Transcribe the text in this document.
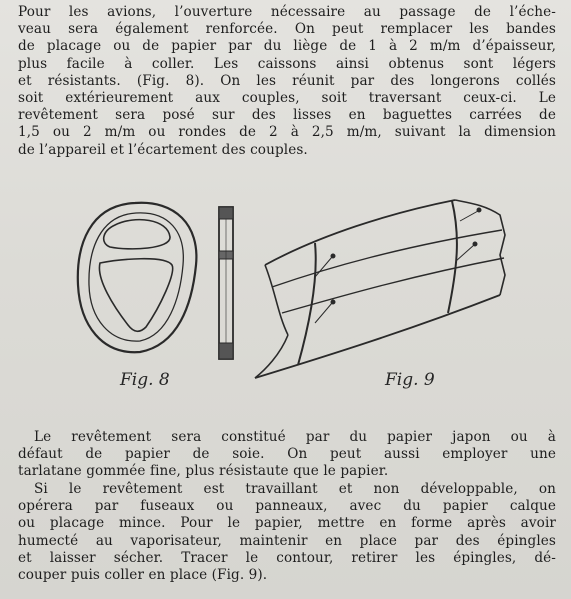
Pour les avions, l’ouverture nécessaire au passage de l’éche-
veau sera également renforcée. On peut remplacer les bandes
de placage ou de papier par du liège de 1 à 2 m/m d’épaisseur,
plus facile à coller. Les caissons ainsi obtenus sont légers
et résistants. (Fig. 8). On les réunit par des longerons collés
soit extérieurement aux couples, soit traversant ceux-ci. Le
revêtement sera posé sur des lisses en baguettes carrées de
1,5 ou 2 m/m ou rondes de 2 à 2,5 m/m, suivant la dimension
de l’appareil et l’écartement des couples.
Fig. 8	Fig. 9
Le revêtement sera constitué par du papier japon ou à
défaut de papier de soie. On peut aussi employer une
tarlatane gommée fine, plus résistaute que le papier.
Si le revêtement est travaillant et non développable, on
opérera par fuseaux ou panneaux, avec du papier calque
ou placage mince. Pour le papier, mettre en forme après avoir
humecté au vaporisateur, maintenir en place par des épingles
et laisser sécher. Tracer le contour, retirer les épingles, dé-
couper puis coller en place (Fig. 9).
